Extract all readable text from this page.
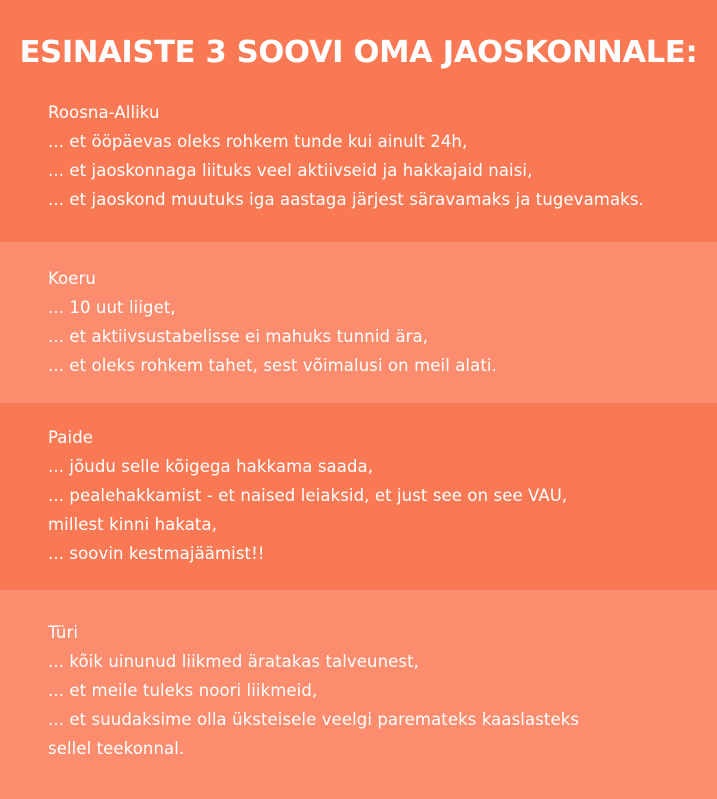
ESINAISTE 3 SOOVI OMA JAOSKONNALE:
Roosna-Alliku
... et ööpäevas oleks rohkem tunde kui ainult 24h,
... et jaoskonnaga liituks veel aktiivseid ja hakkajaid naisi,
... et jaoskond muutuks iga aastaga järjest säravamaks ja tugevamaks.
Koeru
... 10 uut liiget,
... et aktiivsustabelisse ei mahuks tunnid ära,
... et oleks rohkem tahet, sest võimalusi on meil alati.
Paide
... jõudu selle kõigega hakkama saada,
... pealehakkamist - et naised leiaksid, et just see on see VAU,
millest kinni hakata,
... soovin kestmajäämist!!
Türi
... kõik uinunud liikmed äratakas talveunest,
... et meile tuleks noori liikmeid,
... et suudaksime olla üksteisele veelgi paremateks kaaslasteks
sellel teekonnal.
